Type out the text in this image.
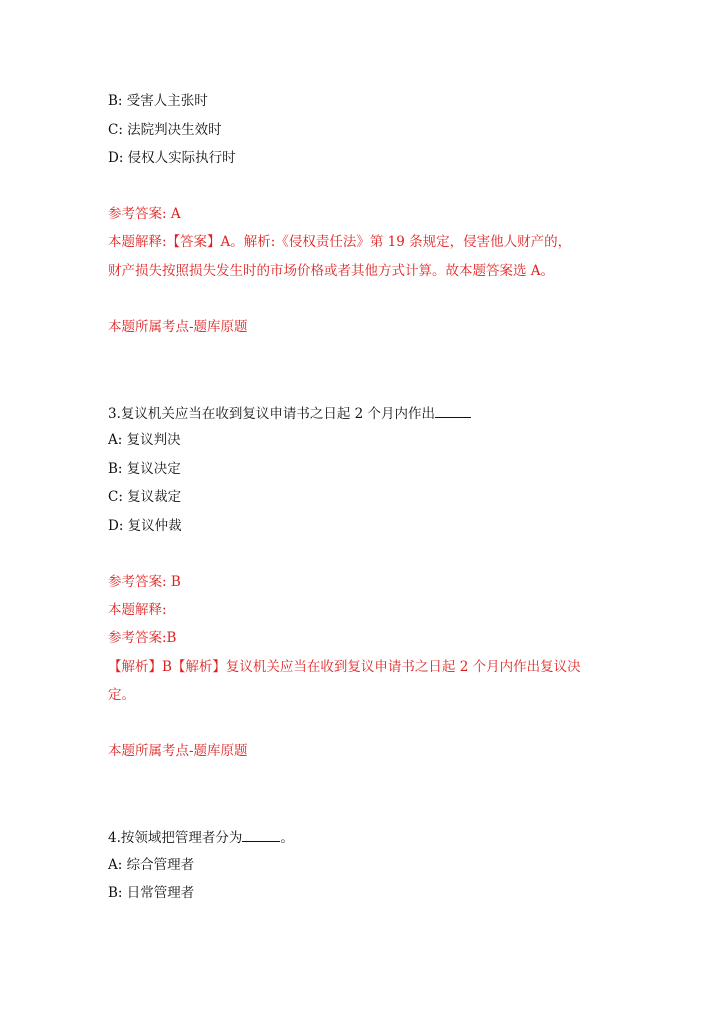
B: 受害人主张时
C: 法院判决生效时
D: 侵权人实际执行时
参考答案: A
本题解释:【答案】A。解析:《侵权责任法》第 19 条规定，侵害他人财产的，
财产损失按照损失发生时的市场价格或者其他方式计算。故本题答案选 A。
本题所属考点-题库原题
3.复议机关应当在收到复议申请书之日起 2 个月内作出
A: 复议判决
B: 复议决定
C: 复议裁定
D: 复议仲裁
参考答案: B
本题解释:
参考答案:B
【解析】B【解析】复议机关应当在收到复议申请书之日起 2 个月内作出复议决
定。
本题所属考点-题库原题
4.按领域把管理者分为	。
A: 综合管理者
B: 日常管理者
